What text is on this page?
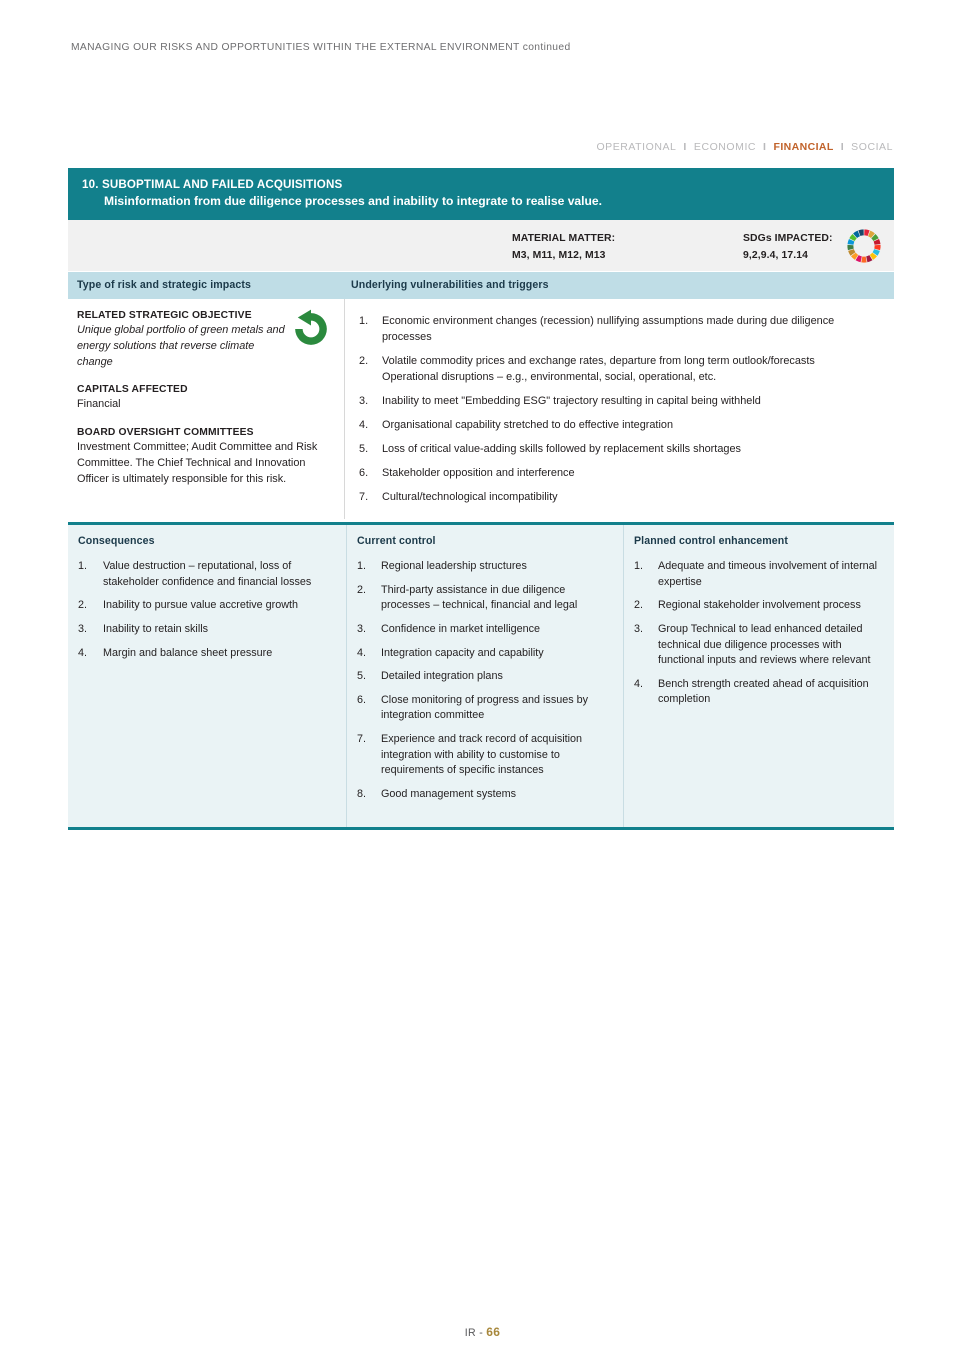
MANAGING OUR RISKS AND OPPORTUNITIES WITHIN THE EXTERNAL ENVIRONMENT continued
OPERATIONAL I ECONOMIC I FINANCIAL I SOCIAL
10. SUBOPTIMAL AND FAILED ACQUISITIONS
Misinformation from due diligence processes and inability to integrate to realise value.
MATERIAL MATTER:
M3, M11, M12, M13
SDGs IMPACTED:
9,2,9.4, 17.14
Type of risk and strategic impacts	Underlying vulnerabilities and triggers
RELATED STRATEGIC OBJECTIVE

Unique global portfolio of green metals and energy solutions that reverse climate change

CAPITALS AFFECTED

Financial

BOARD OVERSIGHT COMMITTEES

Investment Committee; Audit Committee and Risk Committee. The Chief Technical and Innovation Officer is ultimately responsible for this risk.

Economic environment changes (recession) nullifying assumptions made during due diligence processes
Volatile commodity prices and exchange rates, departure from long term outlook/forecasts Operational disruptions – e.g., environmental, social, operational, etc.
Inability to meet "Embedding ESG" trajectory resulting in capital being withheld
Organisational capability stretched to do effective integration
Loss of critical value-adding skills followed by replacement skills shortages
Stakeholder opposition and interference
Cultural/technological incompatibility
Consequences
Value destruction – reputational, loss of stakeholder confidence and financial losses
Inability to pursue value accretive growth
Inability to retain skills
Margin and balance sheet pressure
Current control
Regional leadership structures
Third-party assistance in due diligence processes – technical, financial and legal
Confidence in market intelligence
Integration capacity and capability
Detailed integration plans
Close monitoring of progress and issues by integration committee
Experience and track record of acquisition integration with ability to customise to requirements of specific instances
Good management systems
Planned control enhancement
Adequate and timeous involvement of internal expertise
Regional stakeholder involvement process
Group Technical to lead enhanced detailed technical due diligence processes with functional inputs and reviews where relevant
Bench strength created ahead of acquisition completion
IR - 66
